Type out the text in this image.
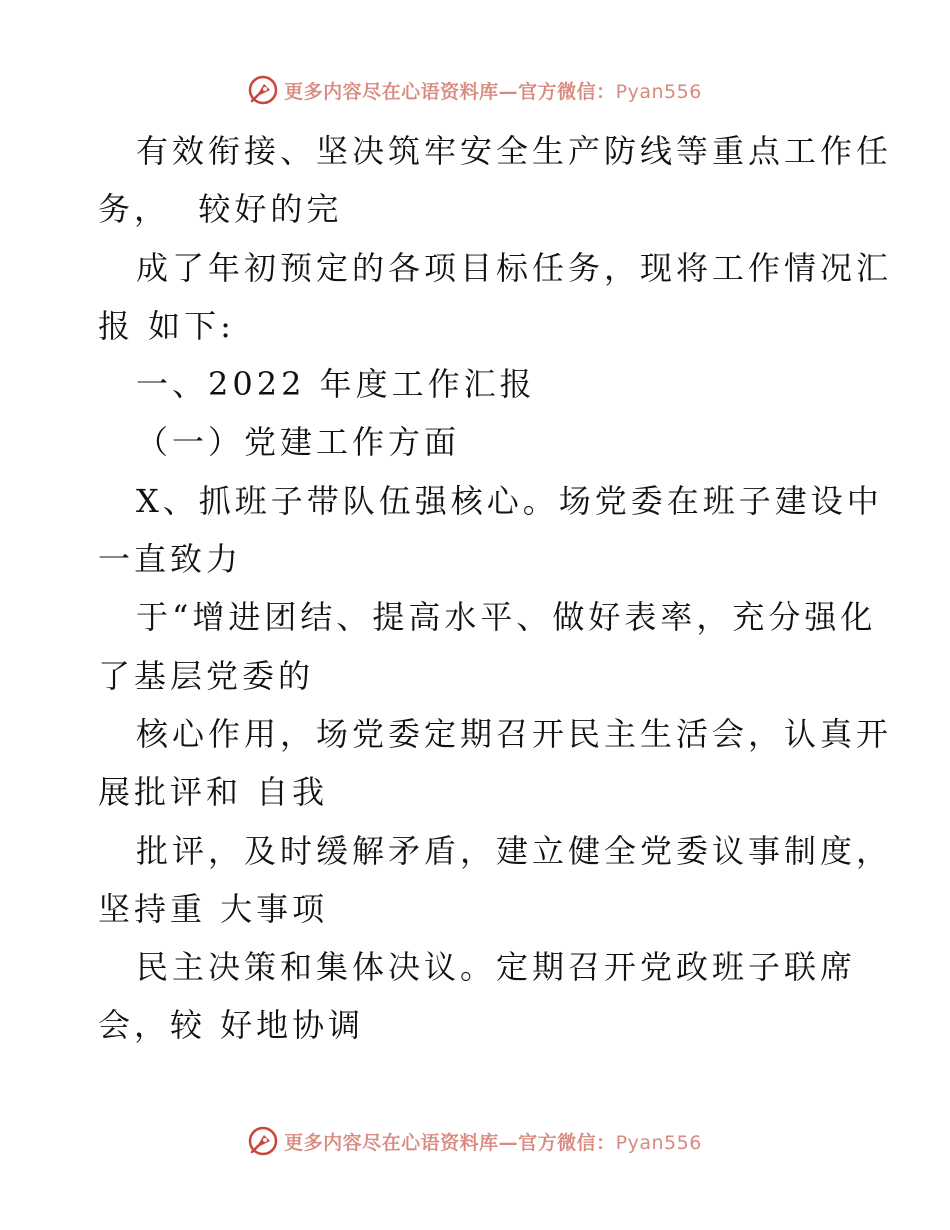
更多内容尽在心语资料库—官方微信：Pyan556
有效衔接、坚决筑牢安全生产防线等重点工作任
务，  较好的完
成了年初预定的各项目标任务，现将工作情况汇
报 如下:
一、2022 年度工作汇报
（一）党建工作方面
X、抓班子带队伍强核心。场党委在班子建设中
一直致力
于“增进团结、提高水平、做好表率，充分强化
了基层党委的
核心作用，场党委定期召开民主生活会，认真开
展批评和 自我
批评，及时缓解矛盾，建立健全党委议事制度，
坚持重 大事项
民主决策和集体决议。定期召开党政班子联席
会，较 好地协调
更多内容尽在心语资料库—官方微信：Pyan556
